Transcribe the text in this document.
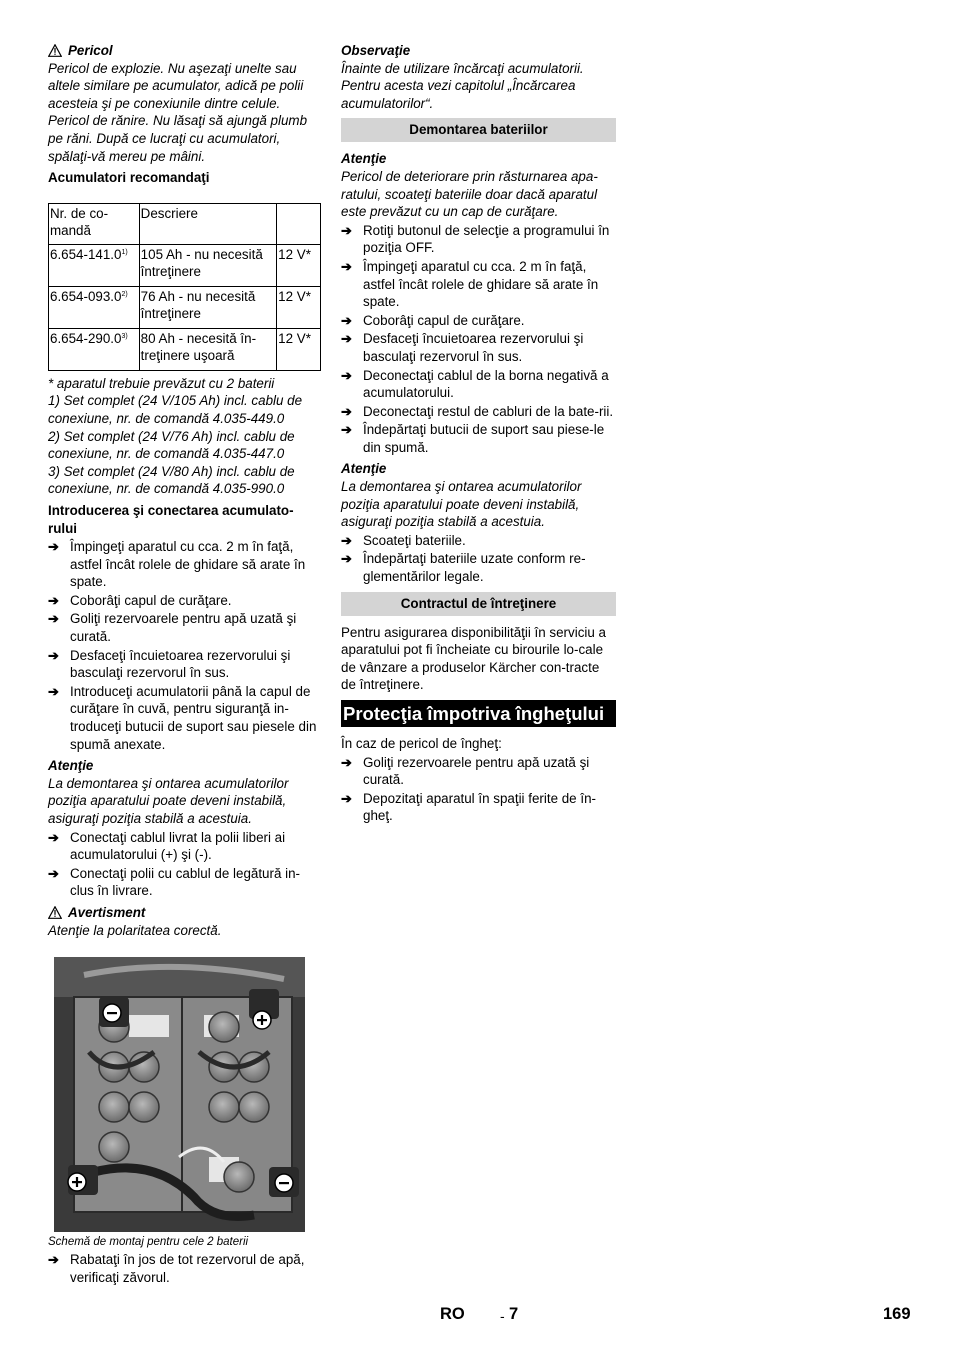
Pericol

Pericol de explozie. Nu aşezaţi unelte sau altele similare pe acumulator, adică pe polii acesteia şi pe conexiunile dintre celule. Pericol de rănire. Nu lăsaţi să ajungă plumb pe răni. După ce lucraţi cu acumulatori, spălaţi-vă mereu pe mâini.

Acumulatori recomandaţi

Nr. de co-mandă	Descriere	
6.654-141.0$^{1)}$	105 Ah - nu necesită întreţinere	12 V*
6.654-093.0$^{2)}$	76 Ah - nu necesită întreţinere	12 V*
6.654-290.0$^{3)}$	80 Ah - necesită în-treţinere uşoară	12 V*

* aparatul trebuie prevăzut cu 2 baterii

1) Set complet (24 V/105 Ah) incl. cablu de conexiune, nr. de comandă 4.035-449.0

2) Set complet (24 V/76 Ah) incl. cablu de conexiune, nr. de comandă 4.035-447.0

3) Set complet (24 V/80 Ah) incl. cablu de conexiune, nr. de comandă 4.035-990.0

Introducerea şi conectarea acumulato-rului

➔ Împingeţi aparatul cu cca. 2 m în faţă, astfel încât rolele de ghidare să arate în spate.
➔ Coborâţi capul de curăţare.
➔ Goliţi rezervoarele pentru apă uzată şi curată.
➔ Desfaceţi încuietoarea rezervorului şi basculaţi rezervorul în sus.
➔ Introduceţi acumulatorii până la capul de curăţare în cuvă, pentru siguranţă in-troduceţi butucii de suport sau piesele din spumă anexate.

Atenţie

La demontarea şi ontarea acumulatorilor poziţia aparatului poate deveni instabilă, asiguraţi poziţia stabilă a acestuia.

➔ Conectaţi cablul livrat la polii liberi ai acumulatorului (+) şi (-).
➔ Conectaţi polii cu cablul de legătură in-clus în livrare.
Avertisment

Atenţie la polaritatea corectă.

Schemă de montaj pentru cele 2 baterii

➔ Rabataţi în jos de tot rezervorul de apă, verificaţi zăvorul.

Observaţie

Înainte de utilizare încărcaţi acumulatorii. Pentru acesta vezi capitolul „Încărcarea acumulatorilor“.

Demontarea bateriilor

Atenţie

Pericol de deteriorare prin răsturnarea apa-ratului, scoateţi bateriile doar dacă aparatul este prevăzut cu un cap de curăţare.

➔ Rotiţi butonul de selecţie a programului în poziţia OFF.
➔ Împingeţi aparatul cu cca. 2 m în faţă, astfel încât rolele de ghidare să arate în spate.
➔ Coborâţi capul de curăţare.
➔ Desfaceţi încuietoarea rezervorului şi basculaţi rezervorul în sus.
➔ Deconectaţi cablul de la borna negativă a acumulatorului.
➔ Deconectaţi restul de cabluri de la bate-rii.
➔ Îndepărtaţi butucii de suport sau piese-le din spumă.

Atenţie

La demontarea şi ontarea acumulatorilor poziţia aparatului poate deveni instabilă, asiguraţi poziţia stabilă a acestuia.

➔ Scoateţi bateriile.
➔ Îndepărtaţi bateriile uzate conform re-glementărilor legale.
Contractul de întreţinere

Pentru asigurarea disponibilităţii în serviciu a aparatului pot fi încheiate cu birourile lo-cale de vânzare a produselor Kärcher con-tracte de întreţinere.

Protecţia împotriva îngheţului

În caz de pericol de îngheţ:

➔ Goliţi rezervoarele pentru apă uzată şi curată.
➔ Depozitaţi aparatul în spaţii ferite de în-gheţ.
RO	- 7	169
